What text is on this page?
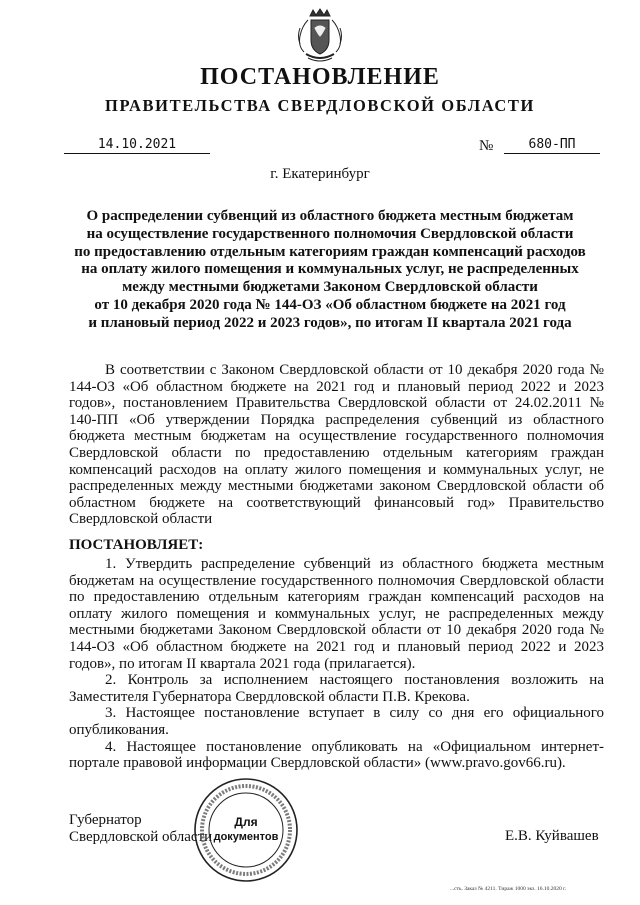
ПОСТАНОВЛЕНИЕ
ПРАВИТЕЛЬСТВА СВЕРДЛОВСКОЙ ОБЛАСТИ
14.10.2021	№	680-ПП
г. Екатеринбург
О распределении субвенций из областного бюджета местным бюджетам
на осуществление государственного полномочия Свердловской области
по предоставлению отдельным категориям граждан компенсаций расходов
на оплату жилого помещения и коммунальных услуг, не распределенных
между местными бюджетами Законом Свердловской области
от 10 декабря 2020 года № 144-ОЗ «Об областном бюджете на 2021 год
и плановый период 2022 и 2023 годов», по итогам II квартала 2021 года

В соответствии с Законом Свердловской области от 10 декабря 2020 года № 144-ОЗ «Об областном бюджете на 2021 год и плановый период 2022 и 2023 годов», постановлением Правительства Свердловской области от 24.02.2011 № 140-ПП «Об утверждении Порядка распределения субвенций из областного бюджета местным бюджетам на осуществление государственного полномочия Свердловской области по предоставлению отдельным категориям граждан компенсаций расходов на оплату жилого помещения и коммунальных услуг, не распределенных между местными бюджетами законом Свердловской области об областном бюджете на соответствующий финансовый год» Правительство Свердловской области

ПОСТАНОВЛЯЕТ:

1. Утвердить распределение субвенций из областного бюджета местным бюджетам на осуществление государственного полномочия Свердловской области по предоставлению отдельным категориям граждан компенсаций расходов на оплату жилого помещения и коммунальных услуг, не распределенных между местными бюджетами Законом Свердловской области от 10 декабря 2020 года № 144-ОЗ «Об областном бюджете на 2021 год и плановый период 2022 и 2023 годов», по итогам II квартала 2021 года (прилагается).

2. Контроль за исполнением настоящего постановления возложить на Заместителя Губернатора Свердловской области П.В. Крекова.

3. Настоящее постановление вступает в силу со дня его официального опубликования.

4. Настоящее постановление опубликовать на «Официальном интернет-портале правовой информации Свердловской области» (www.pravo.gov66.ru).

Губернатор
Свердловской области	Е.В. Куйвашев
Для
документов
...сть. Заказ № 4211. Тираж 1000 экз. 16.10.2020 г.
